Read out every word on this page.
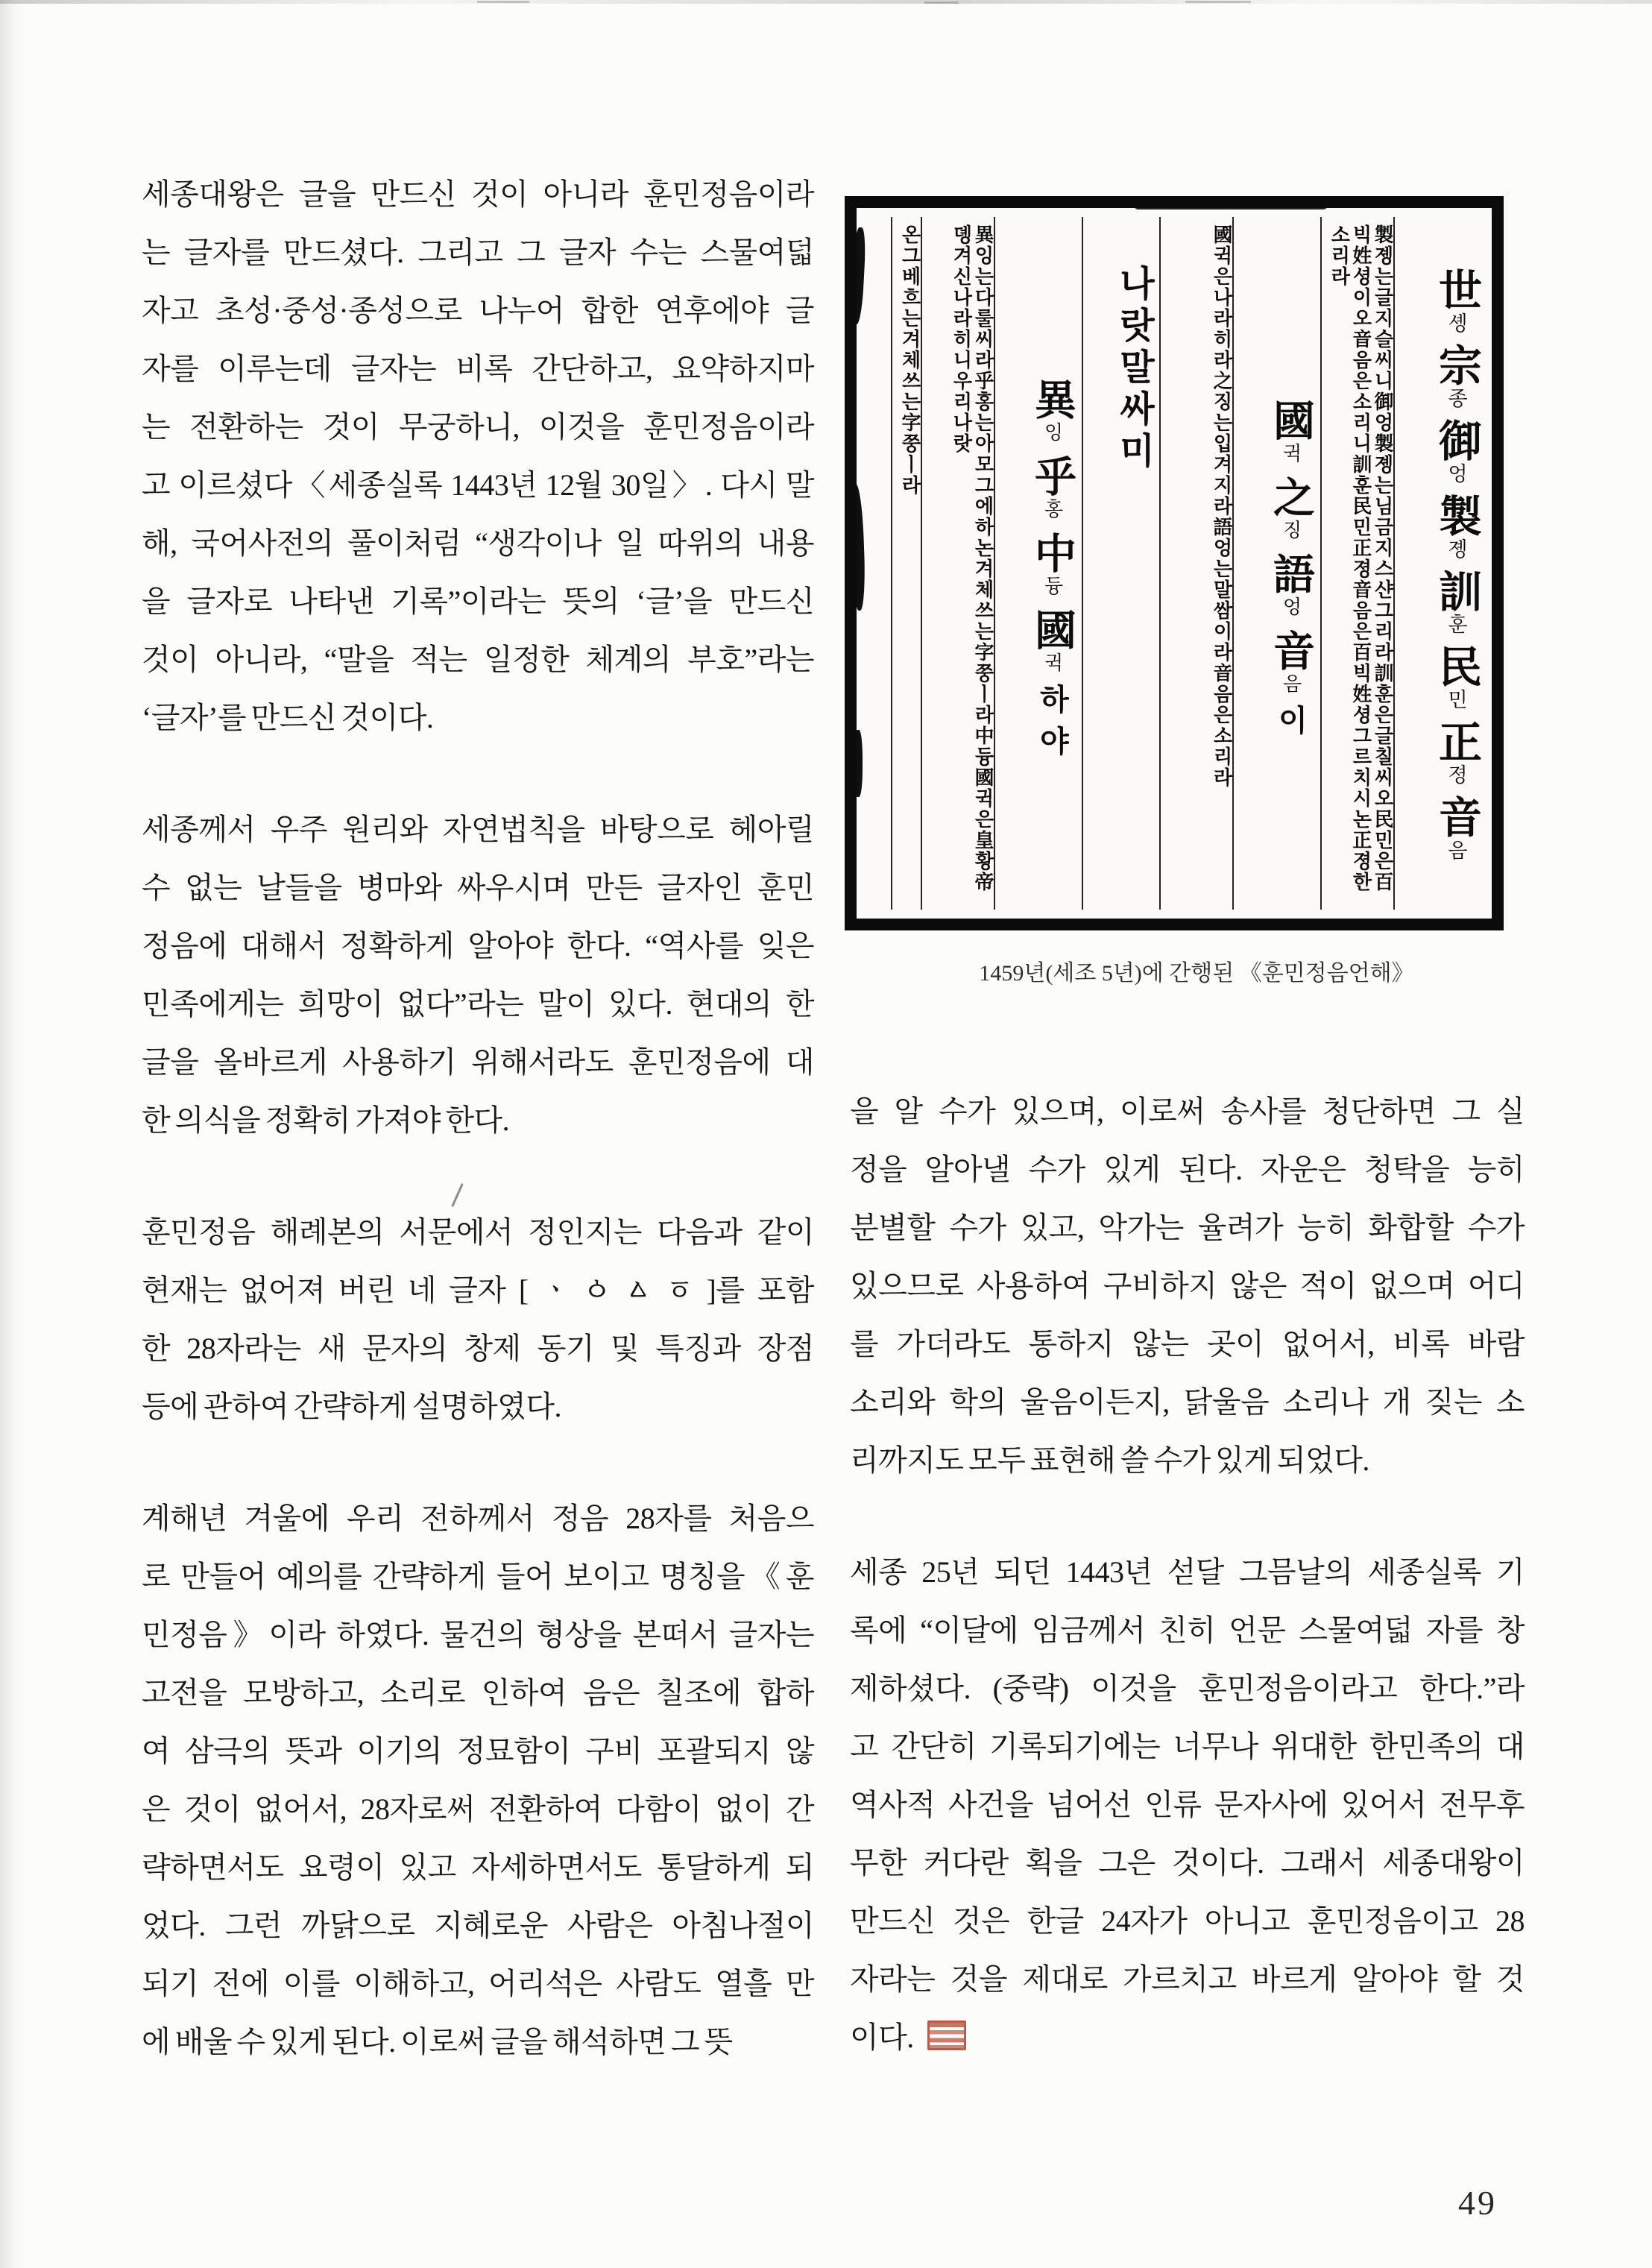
세종대왕은 글을 만드신 것이 아니라 훈민정음이라
는 글자를 만드셨다. 그리고 그 글자 수는 스물여덟
자고 초성·중성·종성으로 나누어 합한 연후에야 글
자를 이루는데 글자는 비록 간단하고, 요약하지마
는 전환하는 것이 무궁하니, 이것을 훈민정음이라
고 이르셨다〈세종실록 1443년 12월 30일〉. 다시 말
해, 국어사전의 풀이처럼 “생각이나 일 따위의 내용
을 글자로 나타낸 기록”이라는 뜻의 ‘글’을 만드신
것이 아니라, “말을 적는 일정한 체계의 부호”라는
‘글자’를 만드신 것이다.
세종께서 우주 원리와 자연법칙을 바탕으로 헤아릴
수 없는 날들을 병마와 싸우시며 만든 글자인 훈민
정음에 대해서 정확하게 알아야 한다. “역사를 잊은
민족에게는 희망이 없다”라는 말이 있다. 현대의 한
글을 올바르게 사용하기 위해서라도 훈민정음에 대
한 의식을 정확히 가져야 한다.
훈민정음 해례본의 서문에서 정인지는 다음과 같이
현재는 없어져 버린 네 글자 [ ㆍ ㆁ ㅿ ㆆ ]를 포함
한 28자라는 새 문자의 창제 동기 및 특징과 장점
등에 관하여 간략하게 설명하였다.
계해년 겨울에 우리 전하께서 정음 28자를 처음으
로 만들어 예의를 간략하게 들어 보이고 명칭을《훈
민정음》이라 하였다. 물건의 형상을 본떠서 글자는
고전을 모방하고, 소리로 인하여 음은 칠조에 합하
여 삼극의 뜻과 이기의 정묘함이 구비 포괄되지 않
은 것이 없어서, 28자로써 전환하여 다함이 없이 간
략하면서도 요령이 있고 자세하면서도 통달하게 되
었다. 그런 까닭으로 지혜로운 사람은 아침나절이
되기 전에 이를 이해하고, 어리석은 사람도 열흘 만
에 배울 수 있게 된다. 이로써 글을 해석하면 그 뜻
世솅宗종御엉製졩訓훈民민正졍音음
製졩는글지슬씨니御엉製졩는님금지스샨그리라訓훈은글칠씨오民민은百빅姓셩이오音음은소리니訓훈民민正졍音음은百빅姓셩그르치시논正졍한소리라
國귁之징語엉音음이
國귁은나라히라之징는입겨지라語엉는말쌈이라音음은소리라
나랏말싸미
異잉乎홍中듕國귁하야
異잉는다룰씨라乎홍는아모그에하논겨체쓰는字쭝ㅣ라中듕國귁은皇황帝뎽겨신나라히니우리나랏
온그베흐는겨체쓰는字쭝ㅣ라
1459년(세조 5년)에 간행된 《훈민정음언해》
을 알 수가 있으며, 이로써 송사를 청단하면 그 실
정을 알아낼 수가 있게 된다. 자운은 청탁을 능히
분별할 수가 있고, 악가는 율려가 능히 화합할 수가
있으므로 사용하여 구비하지 않은 적이 없으며 어디
를 가더라도 통하지 않는 곳이 없어서, 비록 바람
소리와 학의 울음이든지, 닭울음 소리나 개 짖는 소
리까지도 모두 표현해 쓸 수가 있게 되었다.
세종 25년 되던 1443년 섣달 그믐날의 세종실록 기
록에 “이달에 임금께서 친히 언문 스물여덟 자를 창
제하셨다. (중략) 이것을 훈민정음이라고 한다.”라
고 간단히 기록되기에는 너무나 위대한 한민족의 대
역사적 사건을 넘어선 인류 문자사에 있어서 전무후
무한 커다란 획을 그은 것이다. 그래서 세종대왕이
만드신 것은 한글 24자가 아니고 훈민정음이고 28
자라는 것을 제대로 가르치고 바르게 알아야 할 것
이다.
49
